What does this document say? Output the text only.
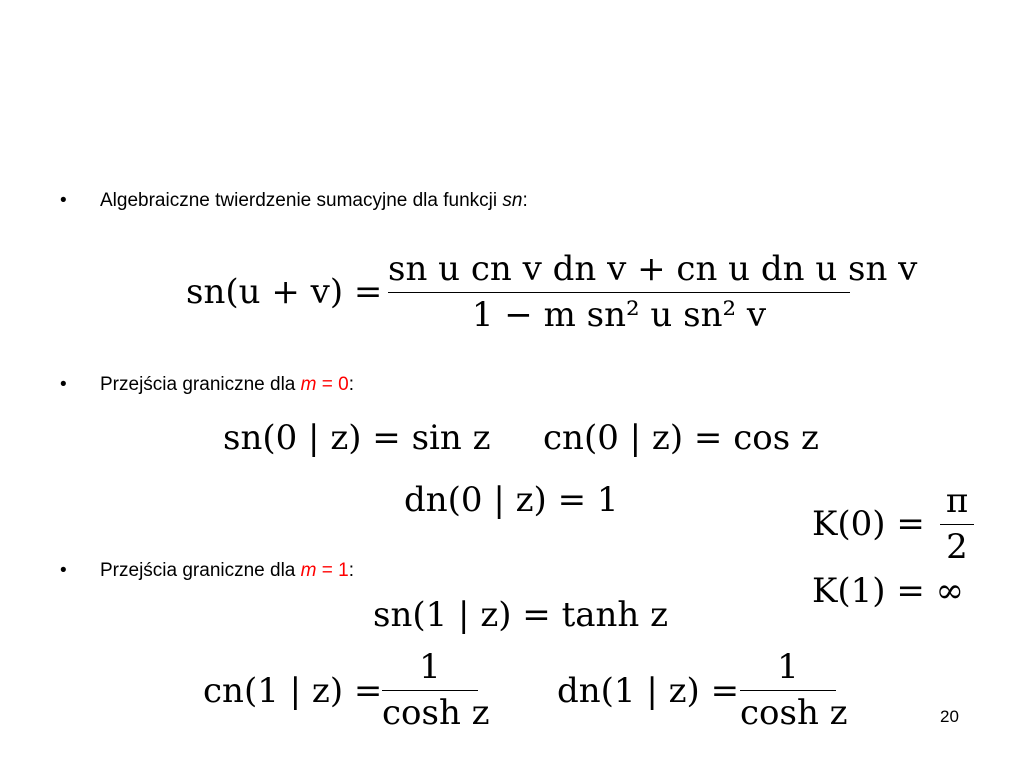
• Algebraiczne twierdzenie sumacyjne dla funkcji sn:
sn(u + v) =
sn u cn v dn v + cn u dn u sn v
1 − m sn² u sn² v
• Przejścia graniczne dla m = 0:
sn(0 | z) = sin z cn(0 | z) = cos z
dn(0 | z) = 1
K(0) =
π
2
K(1) = ∞
• Przejścia graniczne dla m = 1:
sn(1 | z) = tanh z
cn(1 | z) =
1
cosh z
dn(1 | z) =
1
cosh z	20
